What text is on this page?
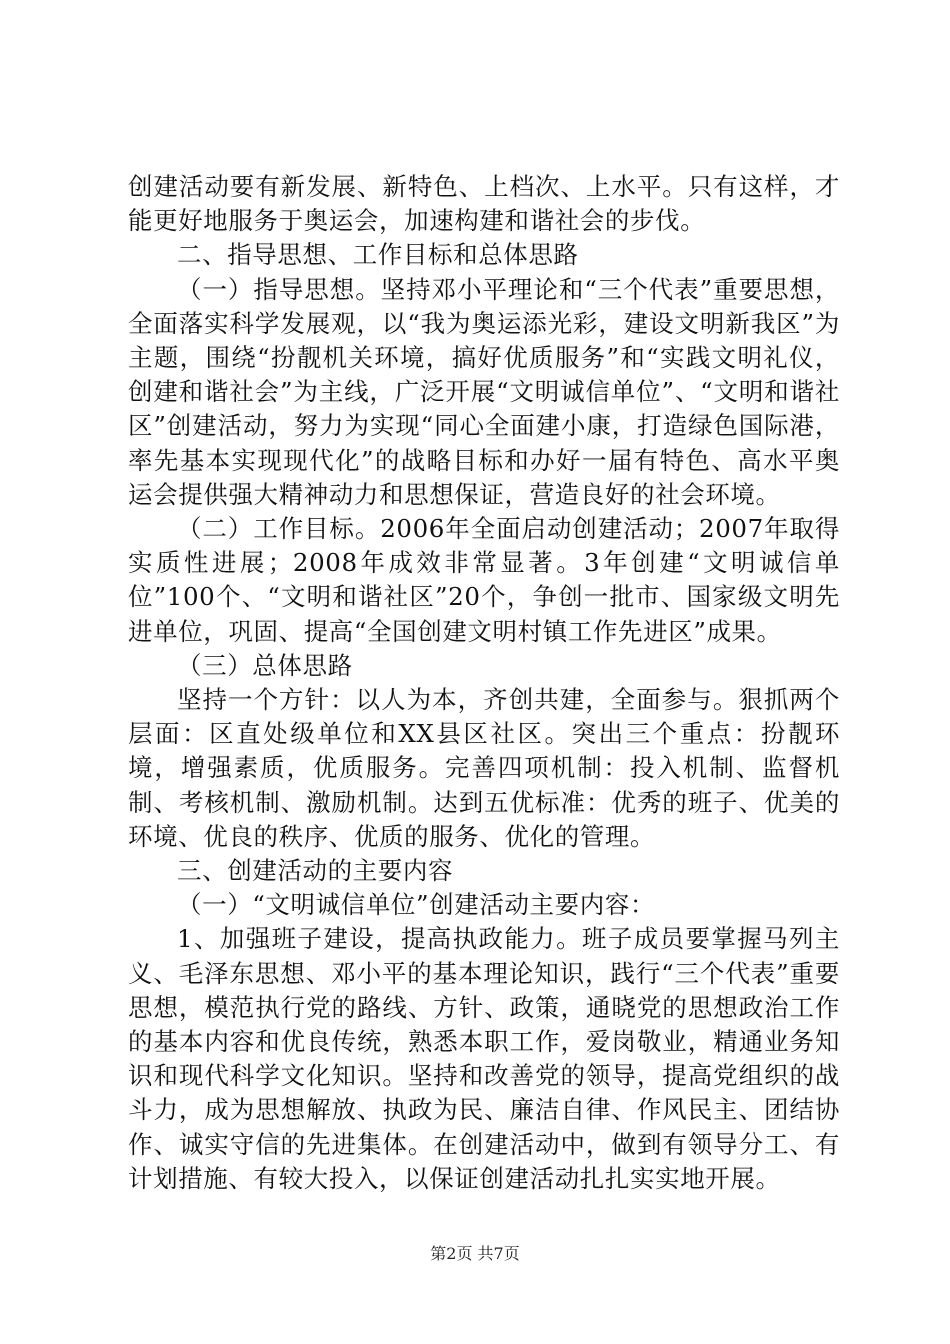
创建活动要有新发展、新特色、上档次、上水平。只有这样，才能更好地服务于奥运会，加速构建和谐社会的步伐。

二、指导思想、工作目标和总体思路

（一）指导思想。坚持邓小平理论和“三个代表”重要思想，全面落实科学发展观，以“我为奥运添光彩，建设文明新我区”为主题，围绕“扮靓机关环境，搞好优质服务”和“实践文明礼仪，创建和谐社会”为主线，广泛开展“文明诚信单位”、“文明和谐社区”创建活动，努力为实现“同心全面建小康，打造绿色国际港，率先基本实现现代化”的战略目标和办好一届有特色、高水平奥运会提供强大精神动力和思想保证，营造良好的社会环境。

（二）工作目标。2006年全面启动创建活动；2007年取得实质性进展；2008年成效非常显著。3年创建“文明诚信单位”100个、“文明和谐社区”20个，争创一批市、国家级文明先进单位，巩固、提高“全国创建文明村镇工作先进区”成果。

（三）总体思路

坚持一个方针：以人为本，齐创共建，全面参与。狠抓两个层面：区直处级单位和XX县区社区。突出三个重点：扮靓环境，增强素质，优质服务。完善四项机制：投入机制、监督机制、考核机制、激励机制。达到五优标准：优秀的班子、优美的环境、优良的秩序、优质的服务、优化的管理。

三、创建活动的主要内容

（一）“文明诚信单位”创建活动主要内容：

1、加强班子建设，提高执政能力。班子成员要掌握马列主义、毛泽东思想、邓小平的基本理论知识，践行“三个代表”重要思想，模范执行党的路线、方针、政策，通晓党的思想政治工作的基本内容和优良传统，熟悉本职工作，爱岗敬业，精通业务知识和现代科学文化知识。坚持和改善党的领导，提高党组织的战斗力，成为思想解放、执政为民、廉洁自律、作风民主、团结协作、诚实守信的先进集体。在创建活动中，做到有领导分工、有计划措施、有较大投入，以保证创建活动扎扎实实地开展。

第2页 共7页
